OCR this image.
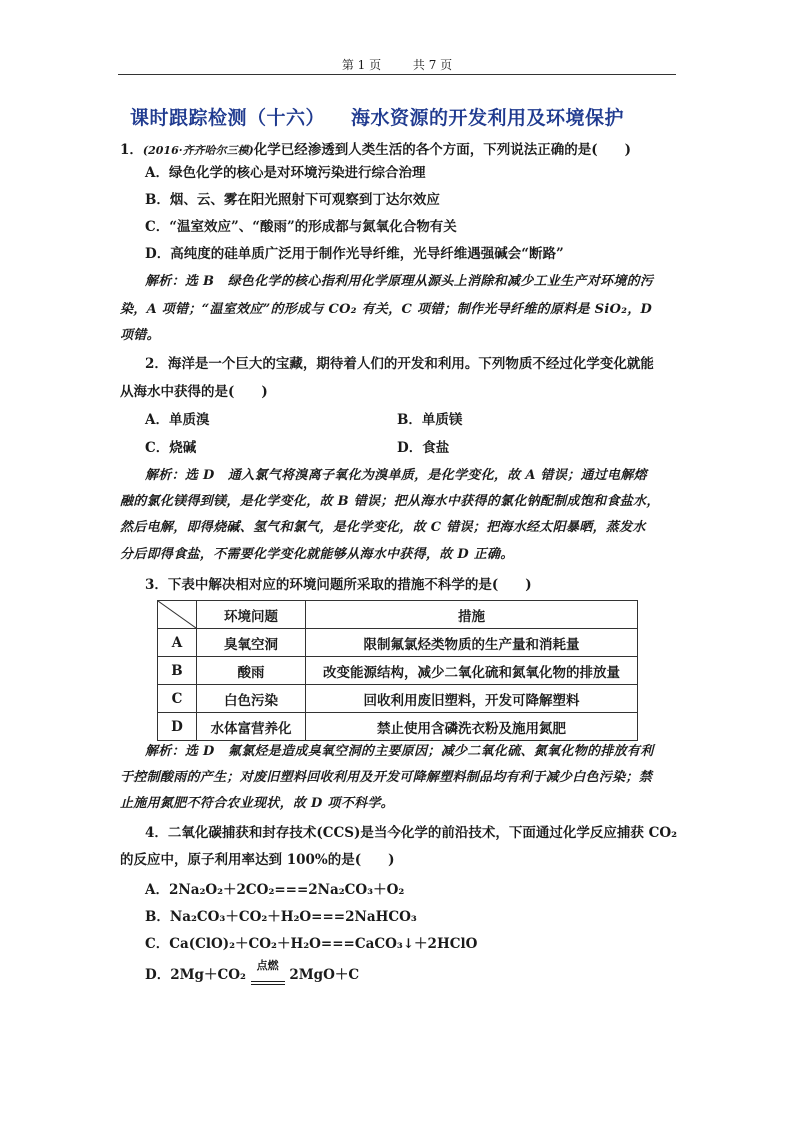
第 1 页	共 7 页
课时跟踪检测（十六） 海水资源的开发利用及环境保护
1．(2016·齐齐哈尔三模)化学已经渗透到人类生活的各个方面，下列说法正确的是(　　)
A．绿色化学的核心是对环境污染进行综合治理
B．烟、云、雾在阳光照射下可观察到丁达尔效应
C．“温室效应”、“酸雨”的形成都与氮氧化合物有关
D．高纯度的硅单质广泛用于制作光导纤维，光导纤维遇强碱会“断路”
解析：选 B　绿色化学的核心指利用化学原理从源头上消除和减少工业生产对环境的污
染，A 项错；“温室效应”的形成与 CO₂ 有关，C 项错；制作光导纤维的原料是 SiO₂，D
项错。
2．海洋是一个巨大的宝藏，期待着人们的开发和利用。下列物质不经过化学变化就能
从海水中获得的是(　　)
A．单质溴	B．单质镁
C．烧碱	D．食盐
解析：选 D　通入氯气将溴离子氧化为溴单质，是化学变化，故 A 错误；通过电解熔
融的氯化镁得到镁，是化学变化，故 B 错误；把从海水中获得的氯化钠配制成饱和食盐水，
然后电解，即得烧碱、氢气和氯气，是化学变化，故 C 错误；把海水经太阳暴晒，蒸发水
分后即得食盐，不需要化学变化就能够从海水中获得，故 D 正确。
3．下表中解决相对应的环境问题所采取的措施不科学的是(　　)
	环境问题	措施
A	臭氧空洞	限制氟氯烃类物质的生产量和消耗量
B	酸雨	改变能源结构，减少二氧化硫和氮氧化物的排放量
C	白色污染	回收利用废旧塑料，开发可降解塑料
D	水体富营养化	禁止使用含磷洗衣粉及施用氮肥
解析：选 D　氟氯烃是造成臭氧空洞的主要原因；减少二氧化硫、氮氧化物的排放有利
于控制酸雨的产生；对废旧塑料回收利用及开发可降解塑料制品均有利于减少白色污染；禁
止施用氮肥不符合农业现状，故 D 项不科学。
4．二氧化碳捕获和封存技术(CCS)是当今化学的前沿技术，下面通过化学反应捕获 CO₂
的反应中，原子利用率达到 100%的是(　　)
A．2Na₂O₂＋2CO₂===2Na₂CO₃＋O₂
B．Na₂CO₃＋CO₂＋H₂O===2NaHCO₃
C．Ca(ClO)₂＋CO₂＋H₂O===CaCO₃↓＋2HClO
D．2Mg＋CO₂
点燃
2MgO＋C
